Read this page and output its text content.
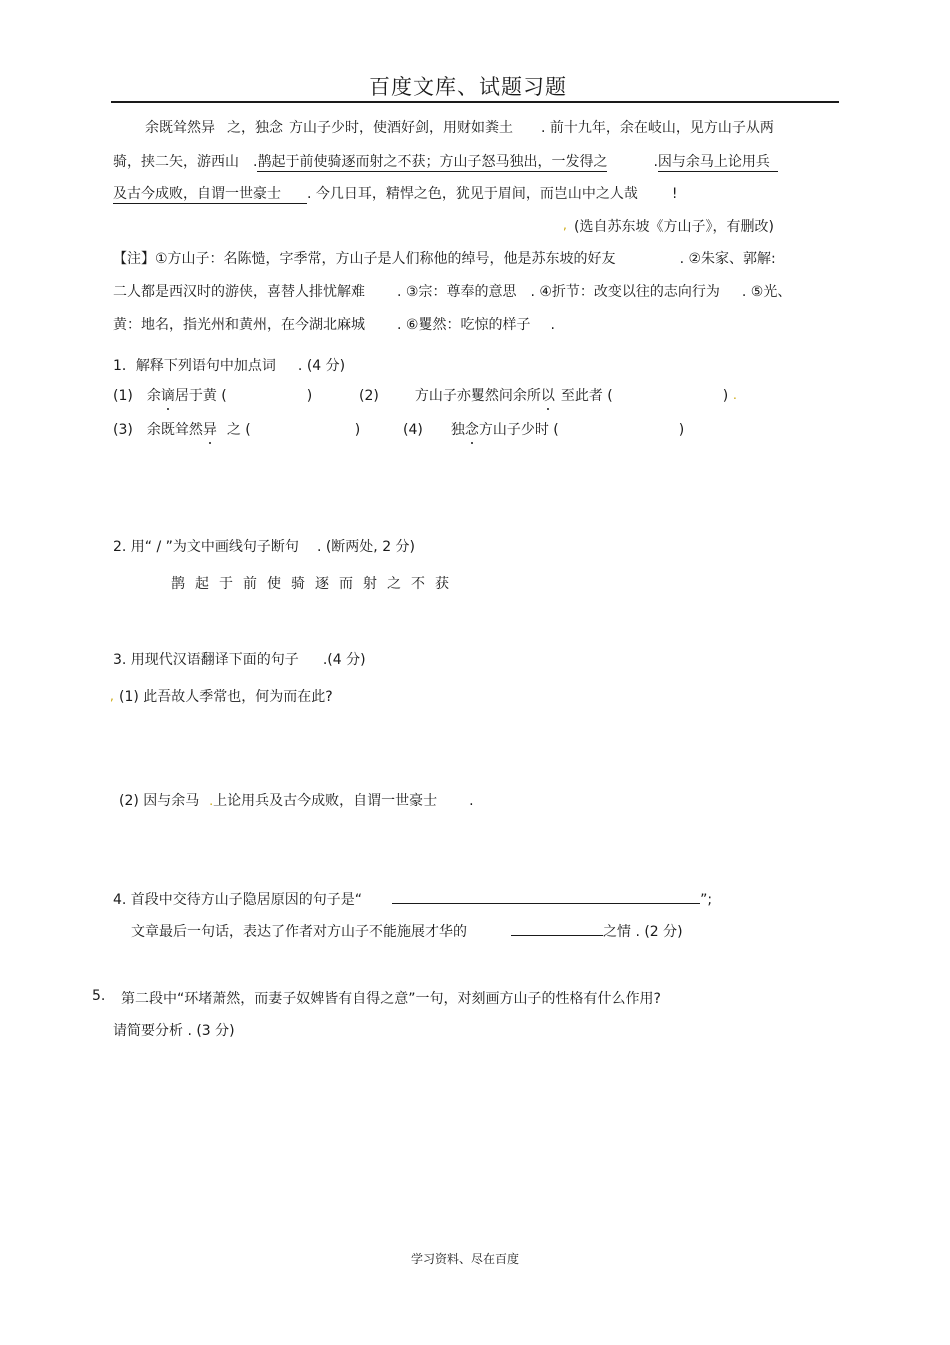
百度文库、试题习题
余既耸然异 之，独念 方山子少时，使酒好剑，用财如粪土 . 前十九年，余在岐山，见方山子从两
骑，挟二矢，游西山 .鹊起于前使骑逐而射之不获；方山子怒马独出，一发得之	.因与余马上论用兵
及古今成败，自谓一世豪士 . 今几日耳，精悍之色，犹见于眉间，而岂山中之人哉 !
, (选自苏东坡《方山子》，有删改)
【注】①方山子：名陈慥，字季常，方山子是人们称他的绰号，他是苏东坡的好友	. ②朱家、郭解:
二人都是西汉时的游侠，喜替人排忧解难 . ③宗：尊奉的意思 . ④折节：改变以往的志向行为 . ⑤光、
黄：地名，指光州和黄州，在今湖北麻城 . ⑥矍然：吃惊的样子 .
1．解释下列语句中加点词 . (4 分)
(1) 余谪居于黄 (	)	(2)	方山子亦矍然问余所以 至此者 (	) .
(3) 余既耸然异 之 (	)	(4) 独念方山子少时 (	)
2. 用“ / ”为文中画线句子断句 . (断两处, 2 分)
鹊起于前使骑逐而射之不获
3. 用现代汉语翻译下面的句子 .(4 分)
, (1) 此吾故人季常也，何为而在此?
(2) 因与余马 .上论用兵及古今成败，自谓一世豪士 .
4. 首段中交待方山子隐居原因的句子是“	”;
文章最后一句话，表达了作者对方山子不能施展才华的	之情 . (2 分)
5. 第二段中“环堵萧然，而妻子奴婢皆有自得之意”一句，对刻画方山子的性格有什么作用?
请简要分析 . (3 分)
学习资料、尽在百度
